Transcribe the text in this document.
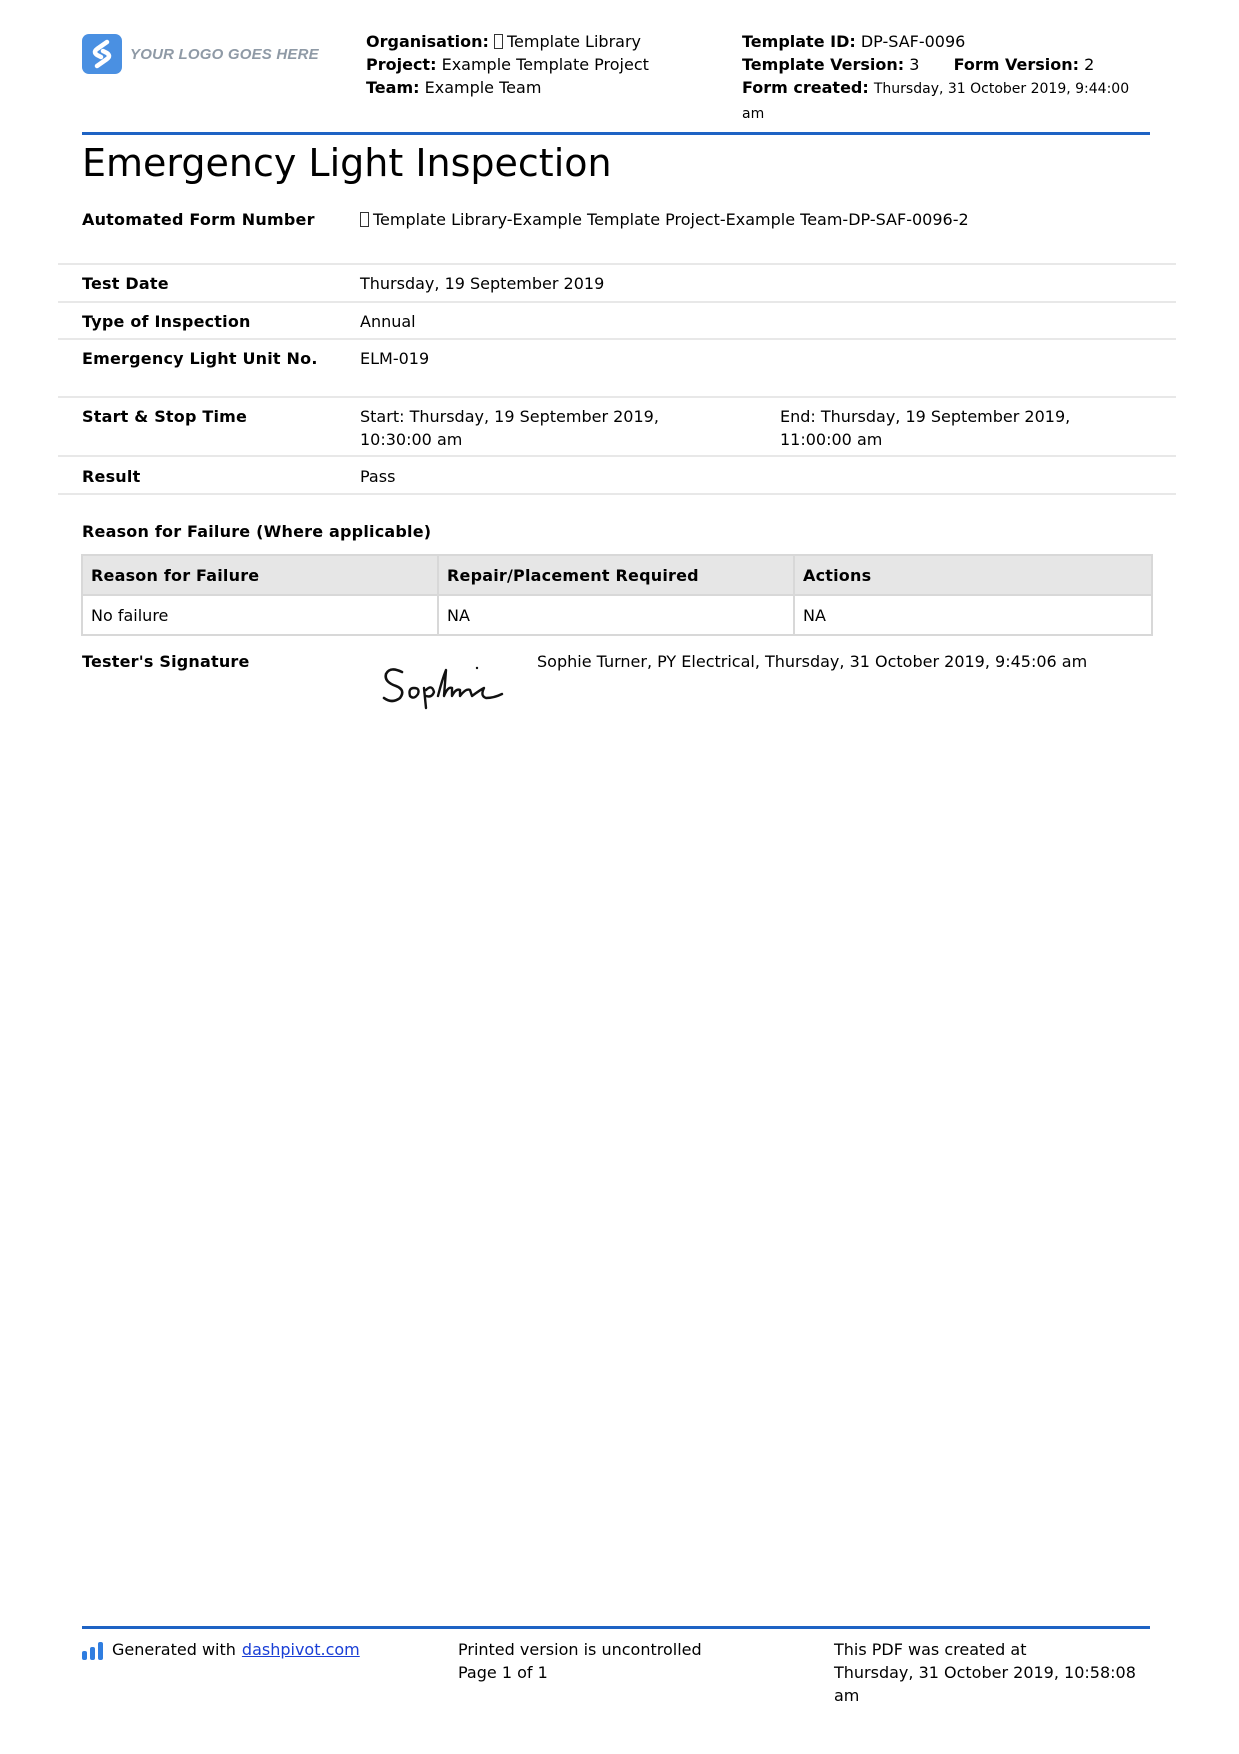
YOUR LOGO GOES HERE
Organisation: Template Library
Project: Example Template Project
Team: Example Team
Template ID: DP-SAF-0096
Template Version: 3 Form Version: 2
Form created: Thursday, 31 October 2019, 9:44:00 am
Emergency Light Inspection
Automated Form Number	Template Library-Example Template Project-Example Team-DP-SAF-0096-2
Test Date	Thursday, 19 September 2019
Type of Inspection	Annual
Emergency Light Unit No.	ELM-019
Start & Stop Time	Start: Thursday, 19 September 2019, 10:30:00 am
End: Thursday, 19 September 2019, 11:00:00 am
Result	Pass
Reason for Failure (Where applicable)
Reason for Failure	Repair/Placement Required	Actions
No failure	NA	NA
Tester's Signature	Sophie Turner, PY Electrical, Thursday, 31 October 2019, 9:45:06 am
Generated with dashpivot.com	Printed version is uncontrolled
Page 1 of 1
This PDF was created at
Thursday, 31 October 2019, 10:58:08 am
